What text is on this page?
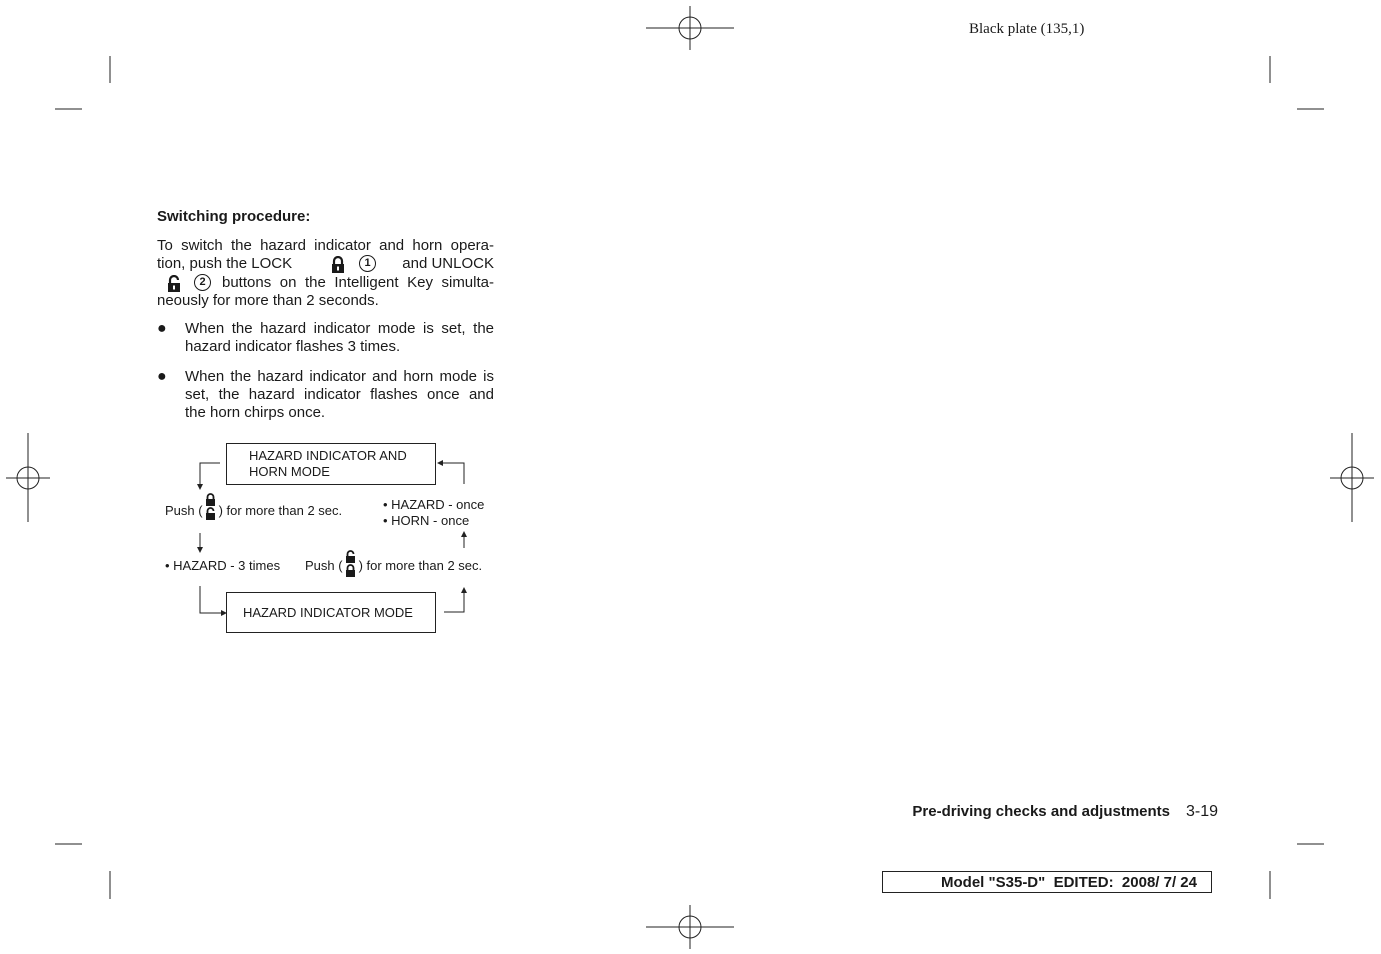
Black plate (135,1)
Switching procedure:
To switch the hazard indicator and horn opera-
tion, push the LOCK	1	and UNLOCK
2	buttons on the Intelligent Key simulta-
neously for more than 2 seconds.
● When the hazard indicator mode is set, the
hazard indicator flashes 3 times.
● When the hazard indicator and horn mode is
set, the hazard indicator flashes once and
the horn chirps once.
HAZARD INDICATOR AND
HORN MODE
HAZARD INDICATOR MODE
Push ( ) for more than 2 sec.	• HAZARD - once
• HORN - once
• HAZARD - 3 times Push ( ) for more than 2 sec.
Pre-driving checks and adjustments 3-19
Model "S35-D"  EDITED:  2008/ 7/ 24
